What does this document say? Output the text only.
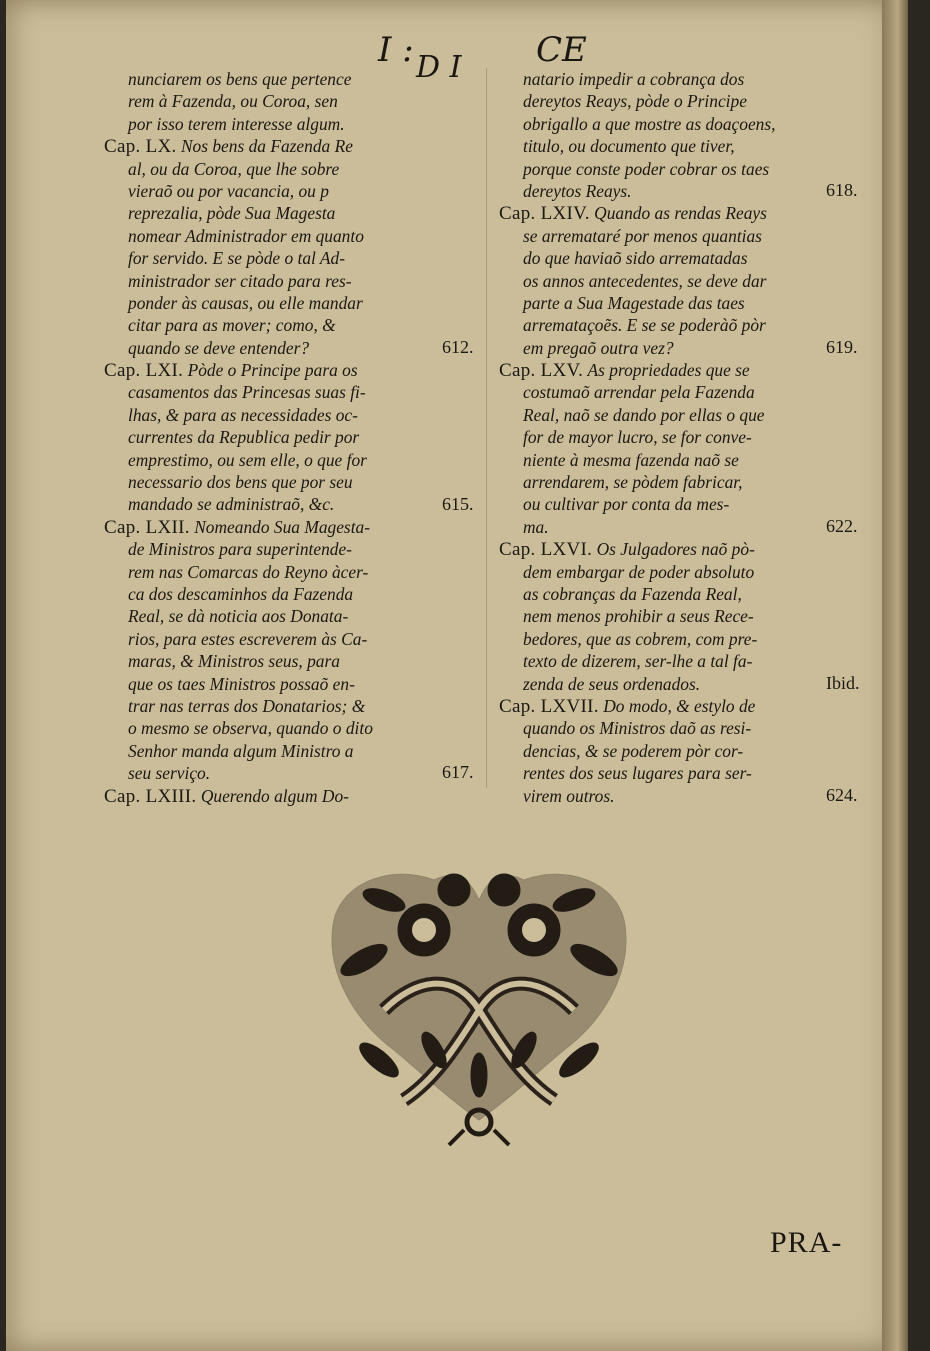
I :	CE
D I
nunciarem os bens que pertence
rem à Fazenda, ou Coroa, sen
por isso terem interesse algum.
Cap. LX. Nos bens da Fazenda Re
al, ou da Coroa, que lhe sobre
vieraõ ou por vacancia, ou p
reprezalia, pòde Sua Magesta
nomear Administrador em quanto
for servido. E se pòde o tal Ad-
ministrador ser citado para res-
ponder às causas, ou elle mandar
citar para as mover; como, &
quando se deve entender?
Cap. LXI. Pòde o Principe para os
casamentos das Princesas suas fi-
lhas, & para as necessidades oc-
currentes da Republica pedir por
emprestimo, ou sem elle, o que for
necessario dos bens que por seu
mandado se administraõ, &c.
Cap. LXII. Nomeando Sua Magesta-
de Ministros para superintende-
rem nas Comarcas do Reyno àcer-
ca dos descaminhos da Fazenda
Real, se dà noticia aos Donata-
rios, para estes escreverem às Ca-
maras, & Ministros seus, para
que os taes Ministros possaõ en-
trar nas terras dos Donatarios; &
o mesmo se observa, quando o dito
Senhor manda algum Ministro a
seu serviço.
Cap. LXIII. Querendo algum Do-
natario impedir a cobrança dos
dereytos Reays, pòde o Principe
obrigallo a que mostre as doaçoens,
titulo, ou documento que tiver,
porque conste poder cobrar os taes
dereytos Reays.
Cap. LXIV. Quando as rendas Reays
se arremataré por menos quantias
do que haviaõ sido arrematadas
os annos antecedentes, se deve dar
parte a Sua Magestade das taes
arremataçoẽs. E se se poderàõ pòr
em pregaõ outra vez?
Cap. LXV. As propriedades que se
costumaõ arrendar pela Fazenda
Real, naõ se dando por ellas o que
for de mayor lucro, se for conve-
niente à mesma fazenda naõ se
arrendarem, se pòdem fabricar,
ou cultivar por conta da mes-
ma.
Cap. LXVI. Os Julgadores naõ pò-
dem embargar de poder absoluto
as cobranças da Fazenda Real,
nem menos prohibir a seus Rece-
bedores, que as cobrem, com pre-
texto de dizerem, ser-lhe a tal fa-
zenda de seus ordenados.
Cap. LXVII. Do modo, & estylo de
quando os Ministros daõ as resi-
dencias, & se poderem pòr cor-
rentes dos seus lugares para ser-
virem outros.
612.
615.
617.
618.
619.
622.
Ibid.
624.
PRA-
